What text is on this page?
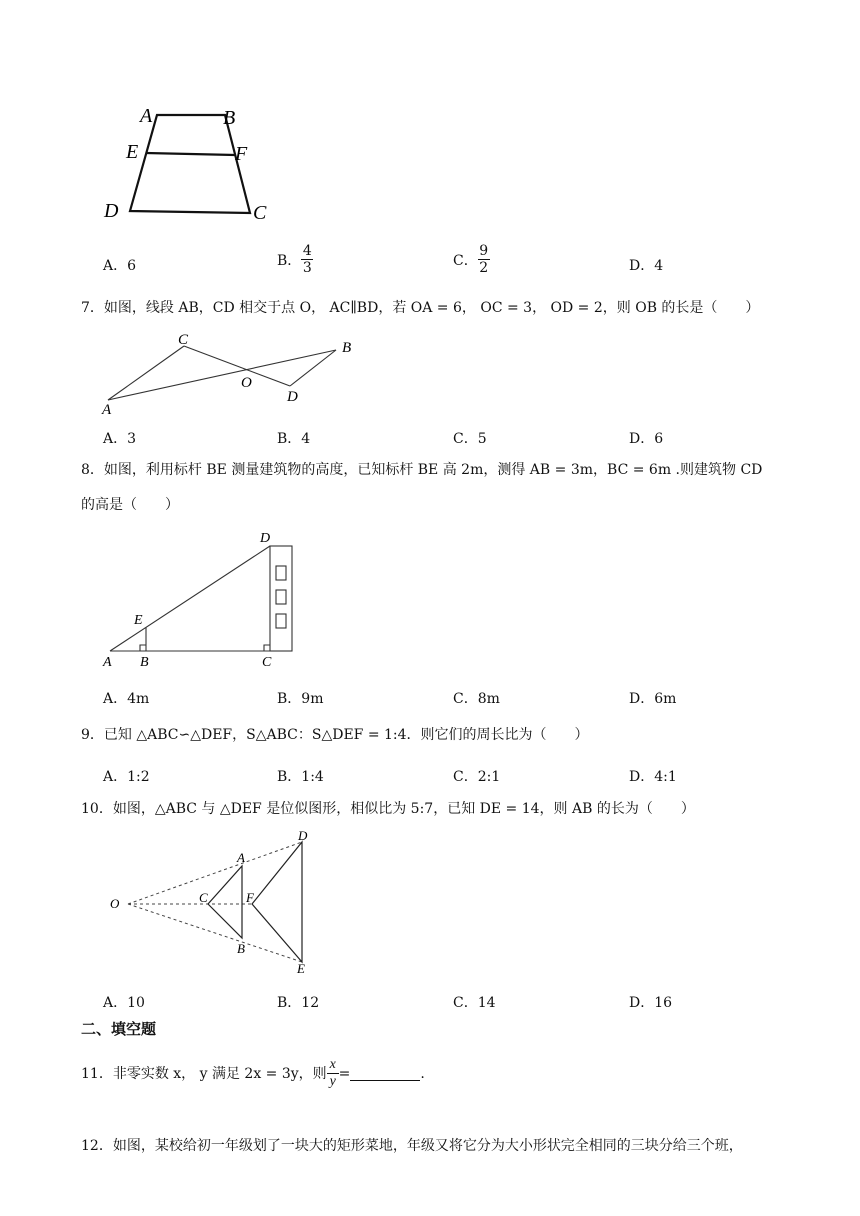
A	B
E	F
D	C
A．6	B． $\frac{4}{3}$	C． $\frac{9}{2}$	D．4
7．如图，线段 AB，CD 相交于点 O， AC∥BD，若 OA = 6， OC = 3， OD = 2，则 OB 的长是（　　）
A
C	B
D
O
A．3	B．4	C．5	D．6
8．如图，利用标杆 BE 测量建筑物的高度，已知标杆 BE 高 2m，测得 AB = 3m，BC = 6m .则建筑物 CD
的高是（　　）
D
E
A B	C
A．4m	B．9m	C．8m	D．6m
9．已知 △ABC∽△DEF，S△ABC：S△DEF = 1:4．则它们的周长比为（　　）
A．1:2	B．1:4	C．2:1	D．4:1
10．如图，△ABC 与 △DEF 是位似图形，相似比为 5:7，已知 DE = 14，则 AB 的长为（　　）
O
A
B
C
D
E
F
A．10	B．12	C．14	D．16
二、填空题
11．非零实数 x， y 满足 2x = 3y，则 $\frac{x}{y}$ =	.
12．如图，某校给初一年级划了一块大的矩形菜地，年级又将它分为大小形状完全相同的三块分给三个班，
